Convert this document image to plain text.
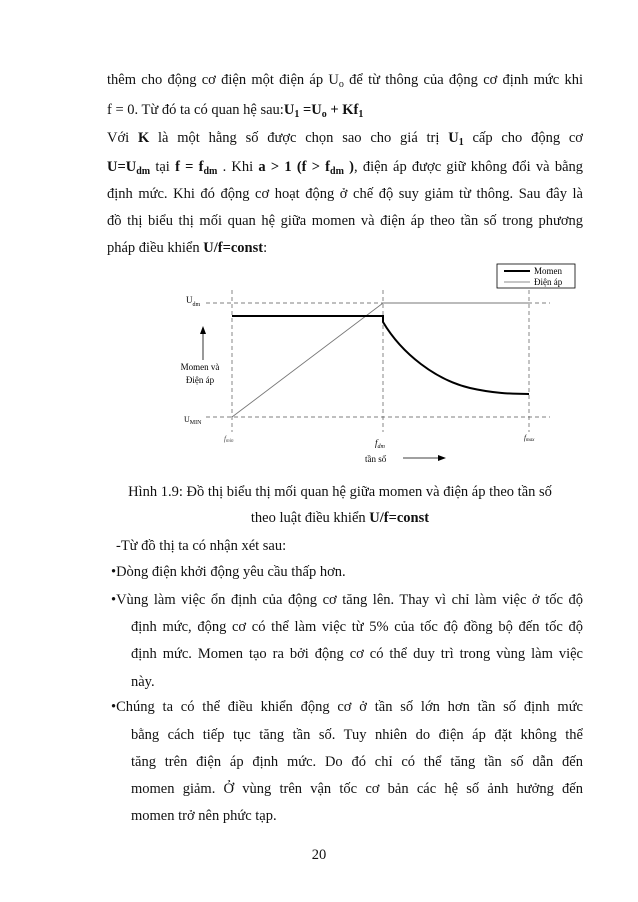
thêm cho động cơ điện một điện áp $U_o$ để từ thông của động cơ định mức khi
f = 0. Từ đó ta có quan hệ $sau:U_1 =U_o + Kf_1$
Với K là một hằng số được chọn sao cho giá trị $U_1$ cấp cho động cơ
$U=U_{dm}$ tại $f = f_{dm}$ . Khi a > 1 ($f > f_{dm}$ ), điện áp được giữ không đổi và bằng
định mức. Khi đó động cơ hoạt động ở chế độ suy giảm từ thông. Sau đây là
đồ thị biểu thị mối quan hệ giữa momen và điện áp theo tần số trong phương
pháp điều khiển U/f=const:
Momen
Điện áp
$U_{dm}$
$U_{MIN}$
Momen và
Điện áp
fmin	$f_{dm}$
fmax
tần số
Hình 1.9: Đồ thị biểu thị mối quan hệ giữa momen và điện áp theo tần số
theo luật điều khiển U/f=const
-Từ đồ thị ta có nhận xét sau:
•Dòng điện khởi động yêu cầu thấp hơn.
•Vùng làm việc ổn định của động cơ tăng lên. Thay vì chỉ làm việc ở tốc độ
định mức, động cơ có thể làm việc từ 5% của tốc độ đồng bộ đến tốc độ
định mức. Momen tạo ra bởi động cơ có thể duy trì trong vùng làm việc
này.
•Chúng ta có thể điều khiển động cơ ở tần số lớn hơn tần số định mức
bằng cách tiếp tục tăng tần số. Tuy nhiên do điện áp đặt không thể
tăng trên điện áp định mức. Do đó chỉ có thể tăng tần số dẫn đến
momen giảm. Ở vùng trên vận tốc cơ bản các hệ số ảnh hưởng đến
momen trở nên phức tạp.
20
